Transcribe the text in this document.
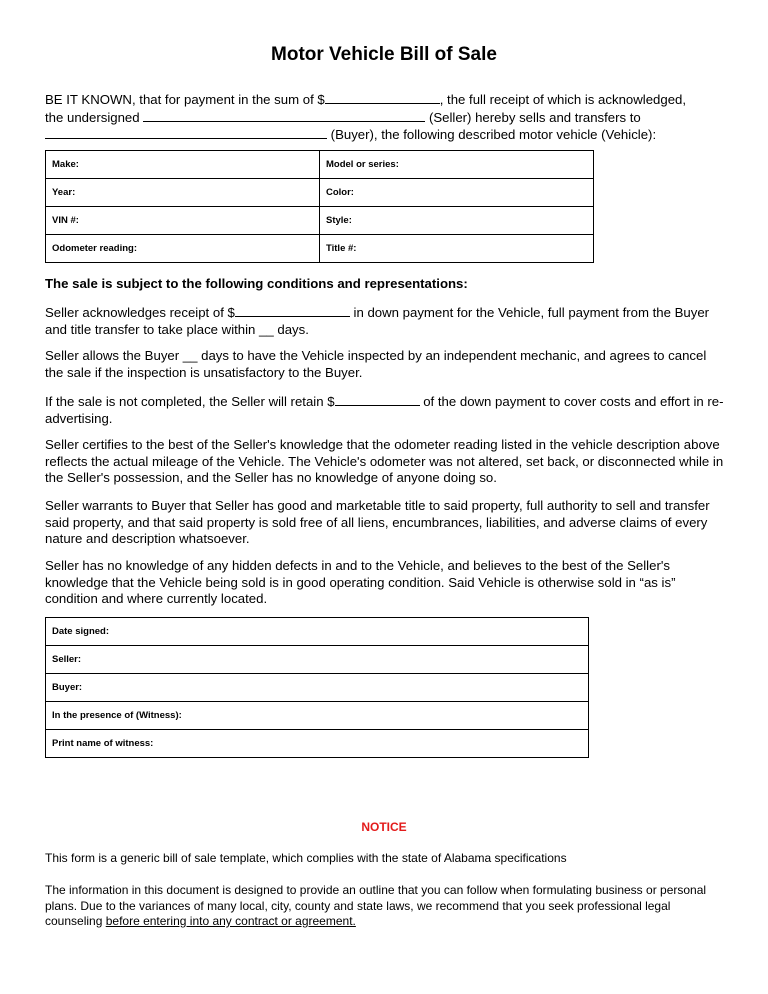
Motor Vehicle Bill of Sale
BE IT KNOWN, that for payment in the sum of $	, the full receipt of which is acknowledged,
the undersigned	(Seller) hereby sells and transfers to
(Buyer), the following described motor vehicle (Vehicle):
Make:	Model or series:
Year:	Color:
VIN #:	Style:
Odometer reading:	Title #:
The sale is subject to the following conditions and representations:

Seller acknowledges receipt of $	in down payment for the Vehicle, full payment from the Buyer and title transfer to take place within __ days.

Seller allows the Buyer __ days to have the Vehicle inspected by an independent mechanic, and agrees to cancel the sale if the inspection is unsatisfactory to the Buyer.

If the sale is not completed, the Seller will retain $	of the down payment to cover costs and effort in re-advertising.

Seller certifies to the best of the Seller's knowledge that the odometer reading listed in the vehicle description above reflects the actual mileage of the Vehicle. The Vehicle's odometer was not altered, set back, or disconnected while in the Seller's possession, and the Seller has no knowledge of anyone doing so.

Seller warrants to Buyer that Seller has good and marketable title to said property, full authority to sell and transfer said property, and that said property is sold free of all liens, encumbrances, liabilities, and adverse claims of every nature and description whatsoever.

Seller has no knowledge of any hidden defects in and to the Vehicle, and believes to the best of the Seller's knowledge that the Vehicle being sold is in good operating condition. Said Vehicle is otherwise sold in “as is” condition and where currently located.

Date signed:
Seller:
Buyer:
In the presence of (Witness):
Print name of witness:
NOTICE
This form is a generic bill of sale template, which complies with the state of Alabama specifications
The information in this document is designed to provide an outline that you can follow when formulating business or personal plans. Due to the variances of many local, city, county and state laws, we recommend that you seek professional legal counseling before entering into any contract or agreement.
